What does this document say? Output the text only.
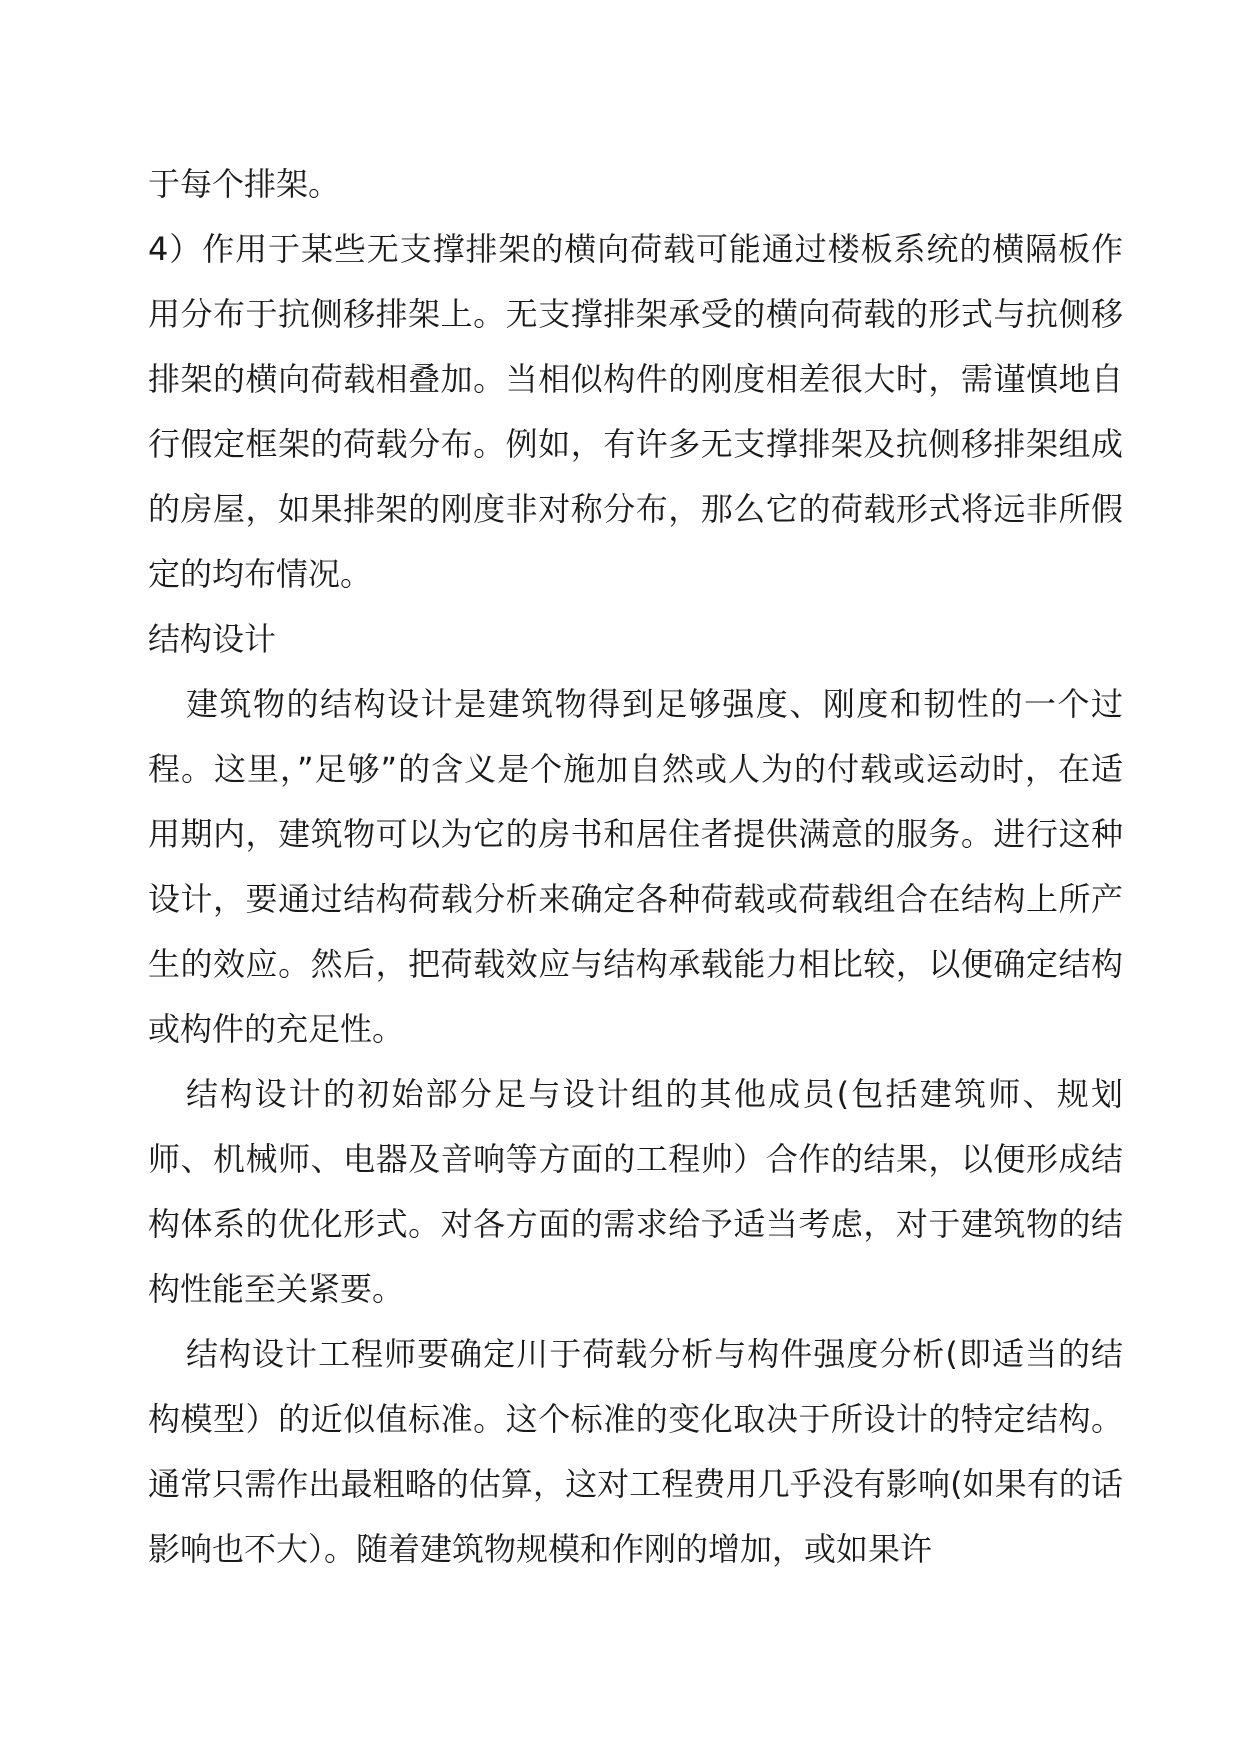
于每个排架。

4）作用于某些无支撑排架的横向荷载可能通过楼板系统的横隔板作用分布于抗侧移排架上。无支撑排架承受的横向荷载的形式与抗侧移排架的横向荷载相叠加。当相似构件的刚度相差很大时，需谨慎地自行假定框架的荷载分布。例如，有许多无支撑排架及抗侧移排架组成的房屋，如果排架的刚度非对称分布，那么它的荷载形式将远非所假定的均布情况。

结构设计

建筑物的结构设计是建筑物得到足够强度、刚度和韧性的一个过程。这里，”足够”的含义是个施加自然或人为的付载或运动时，在适用期内，建筑物可以为它的房书和居住者提供满意的服务。进行这种设计，要通过结构荷载分析来确定各种荷载或荷载组合在结构上所产生的效应。然后，把荷载效应与结构承载能力相比较，以便确定结构或构件的充足性。

结构设计的初始部分足与设计组的其他成员(包括建筑师、规划师、机械师、电器及音响等方面的工程帅）合作的结果，以便形成结构体系的优化形式。对各方面的需求给予适当考虑，对于建筑物的结构性能至关紧要。

结构设计工程师要确定川于荷载分析与构件强度分析(即适当的结构模型）的近似值标准。这个标准的变化取决于所设计的特定结构。通常只需作出最粗略的估算，这对工程费用几乎没有影响(如果有的话影响也不大）。随着建筑物规模和作刚的增加，或如果许
